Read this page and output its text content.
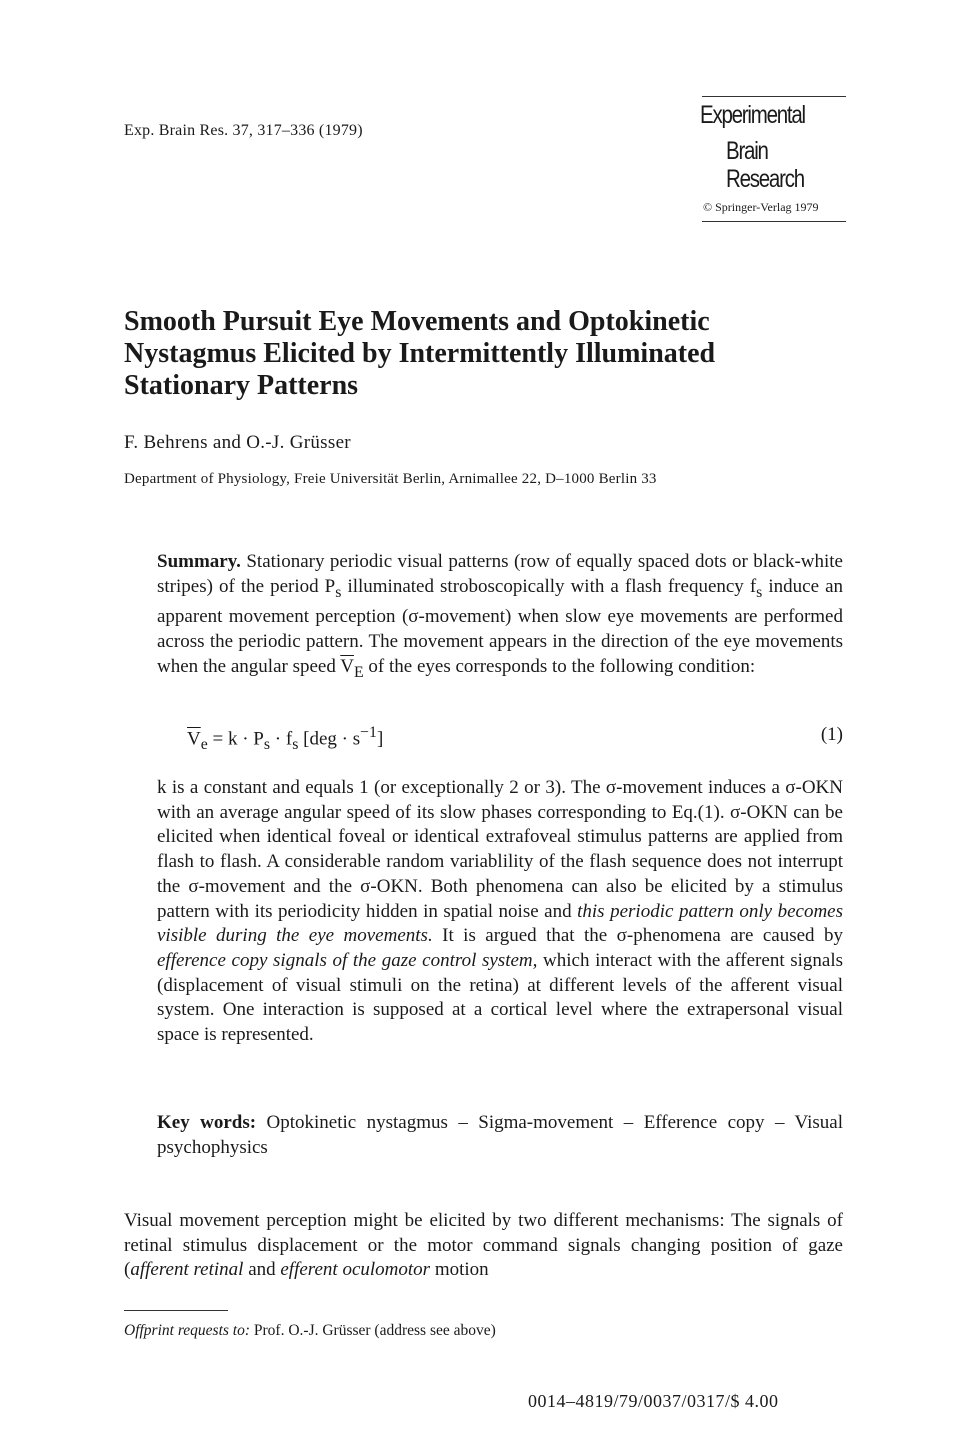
Exp. Brain Res. 37, 317–336 (1979)
Experimental
Brain
Research
© Springer-Verlag 1979
Smooth Pursuit Eye Movements and Optokinetic Nystagmus Elicited by Intermittently Illuminated Stationary Patterns
F. Behrens and O.-J. Grüsser
Department of Physiology, Freie Universität Berlin, Arnimallee 22, D–1000 Berlin 33

Summary. Stationary periodic visual patterns (row of equally spaced dots or black-white stripes) of the period $P_s$ illuminated stroboscopically with a flash frequency $f_s$ induce an apparent movement perception (σ-movement) when slow eye movements are performed across the periodic pattern. The movement appears in the direction of the eye movements when the angular speed $\overline{V}_E$ of the eyes corresponds to the following condition:

$\overline{V}_e = k \cdot P_s \cdot f_s$ $[deg \cdot s^{-1}]$	(1)

k is a constant and equals 1 (or exceptionally 2 or 3). The σ-movement induces a σ-OKN with an average angular speed of its slow phases corresponding to Eq.(1). σ-OKN can be elicited when identical foveal or identical extrafoveal stimulus patterns are applied from flash to flash. A considerable random variablility of the flash sequence does not interrupt the σ-movement and the σ-OKN. Both phenomena can also be elicited by a stimulus pattern with its periodicity hidden in spatial noise and this periodic pattern only becomes visible during the eye movements. It is argued that the σ-phenomena are caused by efference copy signals of the gaze control system, which interact with the afferent signals (displacement of visual stimuli on the retina) at different levels of the afferent visual system. One interaction is supposed at a cortical level where the extrapersonal visual space is represented.

Key words: Optokinetic nystagmus – Sigma-movement – Efference copy – Visual psychophysics

Visual movement perception might be elicited by two different mechanisms: The signals of retinal stimulus displacement or the motor command signals changing position of gaze (afferent retinal and efferent oculomotor motion

Offprint requests to: Prof. O.-J. Grüsser (address see above)
0014–4819/79/0037/0317/$ 4.00
